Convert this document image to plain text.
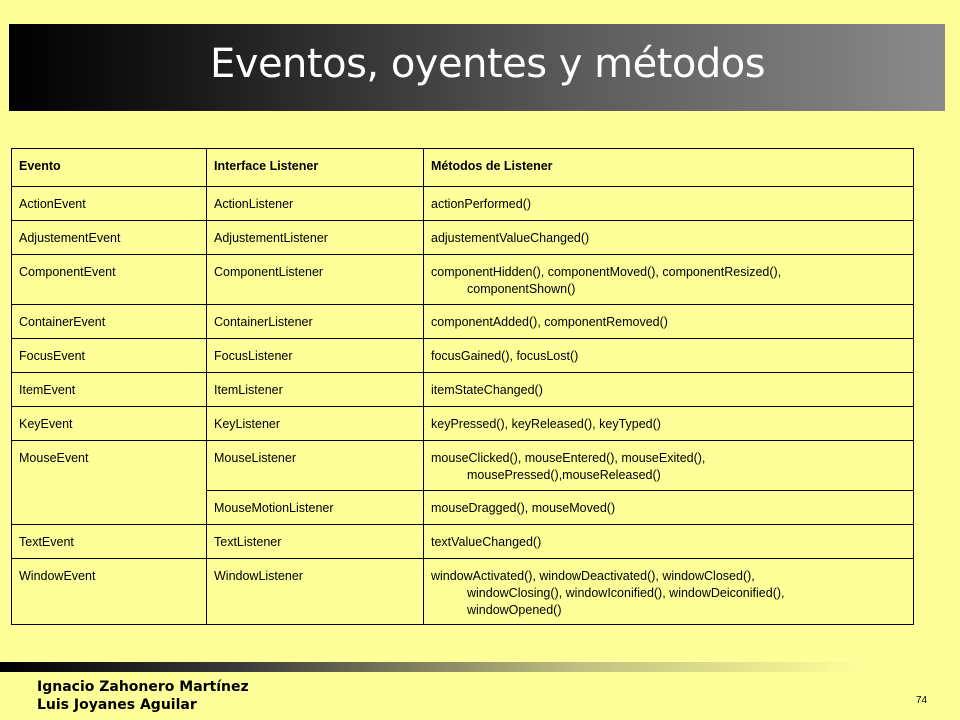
Eventos, oyentes y métodos
Evento	Interface Listener	Métodos de Listener
ActionEvent	ActionListener	actionPerformed()

AdjustementEvent	AdjustementListener	adjustementValueChanged()

ComponentEvent	ComponentListener	componentHidden(), componentMoved(), componentResized(),
componentShown()

ContainerEvent	ContainerListener	componentAdded(), componentRemoved()

FocusEvent	FocusListener	focusGained(), focusLost()

ItemEvent	ItemListener	itemStateChanged()

KeyEvent	KeyListener	keyPressed(), keyReleased(), keyTyped()

MouseEvent	MouseListener	mouseClicked(), mouseEntered(), mouseExited(),
mousePressed(),mouseReleased()

	MouseMotionListener	mouseDragged(), mouseMoved()

TextEvent	TextListener	textValueChanged()

WindowEvent	WindowListener	windowActivated(), windowDeactivated(), windowClosed(),
windowClosing(), windowIconified(), windowDeiconified(),
windowOpened()
Ignacio Zahonero Martínez
Luis Joyanes Aguilar	74
